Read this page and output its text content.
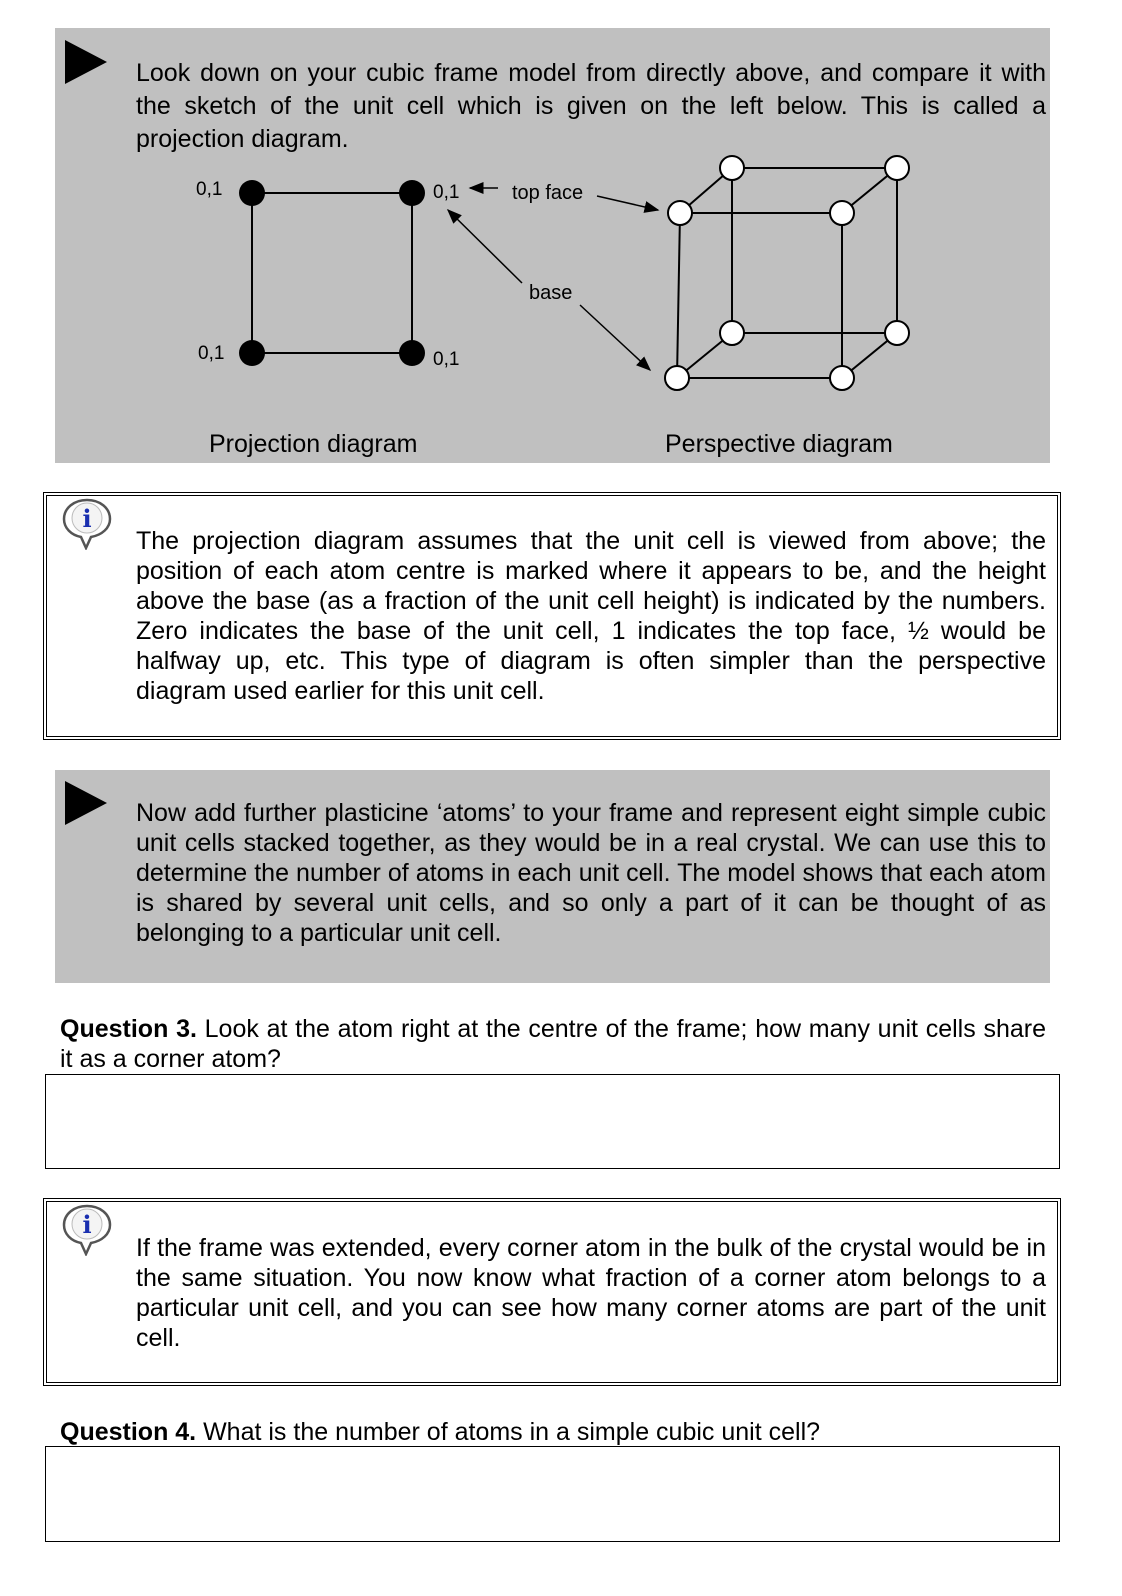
Look down on your cubic frame model from directly above, and compare it with the sketch of the unit cell which is given on the left below. This is called a projection diagram.
0,1	0,1
0,1	0,1
top face
base
Projection diagram	Perspective diagram
i
The projection diagram assumes that the unit cell is viewed from above; the position of each atom centre is marked where it appears to be, and the height above the base (as a fraction of the unit cell height) is indicated by the numbers. Zero indicates the base of the unit cell, 1 indicates the top face, ½ would be halfway up, etc. This type of diagram is often simpler than the perspective diagram used earlier for this unit cell.
Now add further plasticine ‘atoms’ to your frame and represent eight simple cubic unit cells stacked together, as they would be in a real crystal. We can use this to determine the number of atoms in each unit cell. The model shows that each atom is shared by several unit cells, and so only a part of it can be thought of as belonging to a particular unit cell.
Question 3. Look at the atom right at the centre of the frame; how many unit cells share it as a corner atom?
i
If the frame was extended, every corner atom in the bulk of the crystal would be in the same situation. You now know what fraction of a corner atom belongs to a particular unit cell, and you can see how many corner atoms are part of the unit cell.
Question 4. What is the number of atoms in a simple cubic unit cell?
